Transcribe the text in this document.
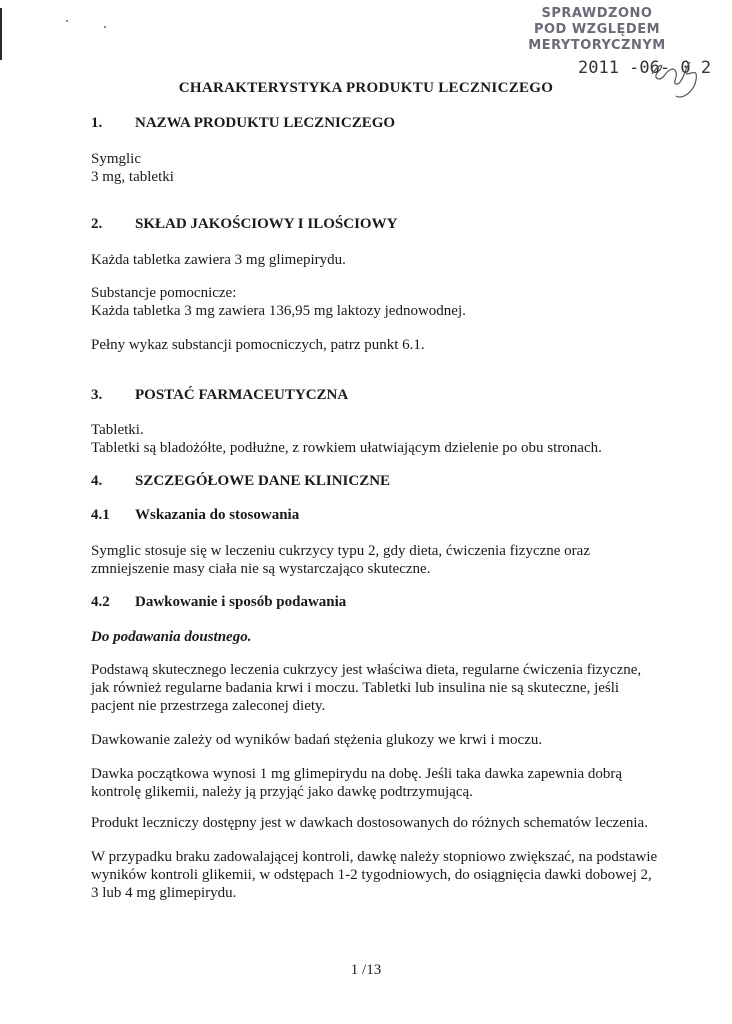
SPRAWDZONO
POD WZGLĘDEM
MERYTORYCZNYM
2011 -06- 0 2
CHARAKTERYSTYKA PRODUKTU LECZNICZEGO
1. NAZWA PRODUKTU LECZNICZEGO
Symglic
3 mg, tabletki
2. SKŁAD JAKOŚCIOWY I ILOŚCIOWY
Każda tabletka zawiera 3 mg glimepirydu.
Substancje pomocnicze:
Każda tabletka 3 mg zawiera 136,95 mg laktozy jednowodnej.
Pełny wykaz substancji pomocniczych, patrz punkt 6.1.
3. POSTAĆ FARMACEUTYCZNA
Tabletki.
Tabletki są bladożółte, podłużne, z rowkiem ułatwiającym dzielenie po obu stronach.
4. SZCZEGÓŁOWE DANE KLINICZNE
4.1 Wskazania do stosowania
Symglic stosuje się w leczeniu cukrzycy typu 2, gdy dieta, ćwiczenia fizyczne oraz
zmniejszenie masy ciała nie są wystarczająco skuteczne.
4.2 Dawkowanie i sposób podawania
Do podawania doustnego.
Podstawą skutecznego leczenia cukrzycy jest właściwa dieta, regularne ćwiczenia fizyczne,
jak również regularne badania krwi i moczu. Tabletki lub insulina nie są skuteczne, jeśli
pacjent nie przestrzega zaleconej diety.
Dawkowanie zależy od wyników badań stężenia glukozy we krwi i moczu.
Dawka początkowa wynosi 1 mg glimepirydu na dobę. Jeśli taka dawka zapewnia dobrą
kontrolę glikemii, należy ją przyjąć jako dawkę podtrzymującą.
Produkt leczniczy dostępny jest w dawkach dostosowanych do różnych schematów leczenia.
W przypadku braku zadowalającej kontroli, dawkę należy stopniowo zwiększać, na podstawie
wyników kontroli glikemii, w odstępach 1-2 tygodniowych, do osiągnięcia dawki dobowej 2,
3 lub 4 mg glimepirydu.
1 /13
